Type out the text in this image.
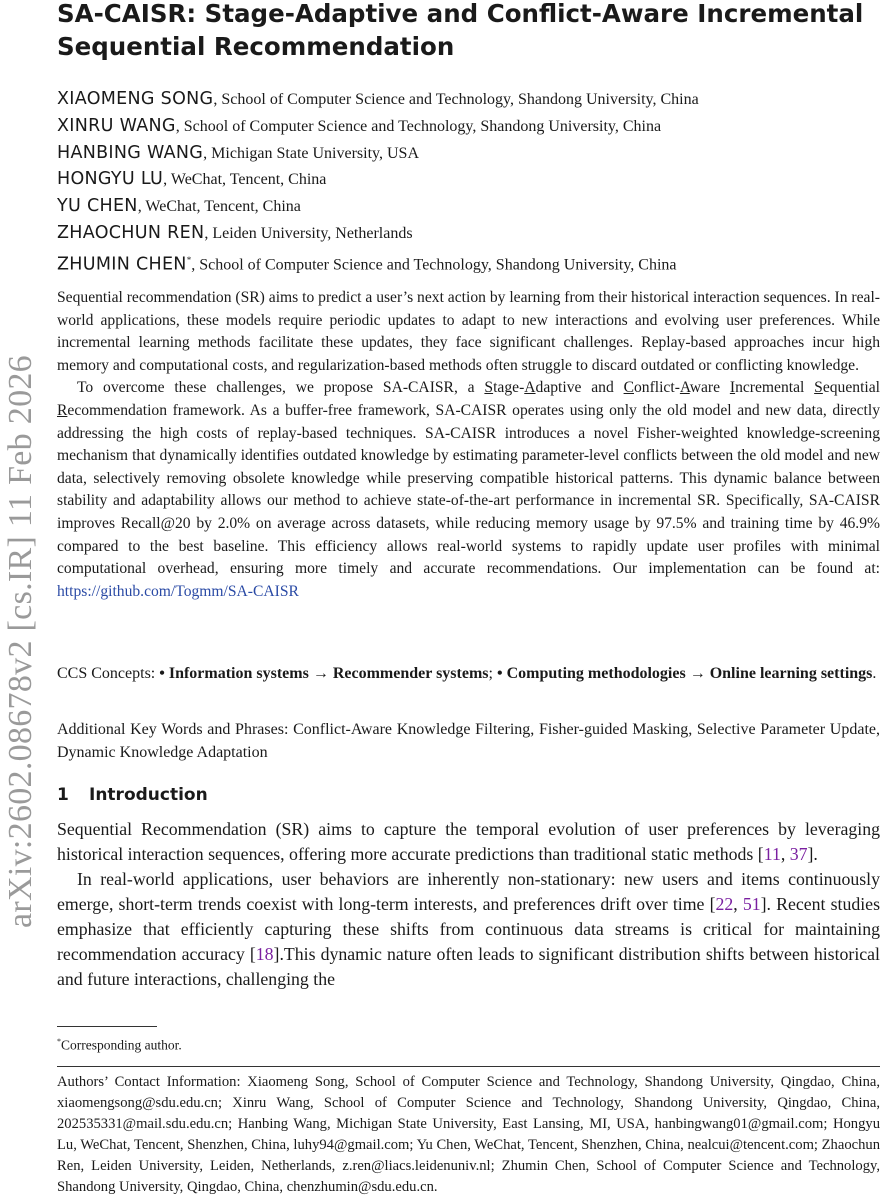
arXiv:2602.08678v2 [cs.IR] 11 Feb 2026
SA-CAISR: Stage-Adaptive and Conflict-Aware Incremental Sequential Recommendation
XIAOMENG SONG, School of Computer Science and Technology, Shandong University, China
XINRU WANG, School of Computer Science and Technology, Shandong University, China
HANBING WANG, Michigan State University, USA
HONGYU LU, WeChat, Tencent, China
YU CHEN, WeChat, Tencent, China
ZHAOCHUN REN, Leiden University, Netherlands
ZHUMIN CHEN*, School of Computer Science and Technology, Shandong University, China

Sequential recommendation (SR) aims to predict a user’s next action by learning from their historical interaction sequences. In real-world applications, these models require periodic updates to adapt to new interactions and evolving user preferences. While incremental learning methods facilitate these updates, they face significant challenges. Replay-based approaches incur high memory and computational costs, and regularization-based methods often struggle to discard outdated or conflicting knowledge.

To overcome these challenges, we propose SA-CAISR, a Stage-Adaptive and Conflict-Aware Incremental Sequential Recommendation framework. As a buffer-free framework, SA-CAISR operates using only the old model and new data, directly addressing the high costs of replay-based techniques. SA-CAISR introduces a novel Fisher-weighted knowledge-screening mechanism that dynamically identifies outdated knowledge by estimating parameter-level conflicts between the old model and new data, selectively removing obsolete knowledge while preserving compatible historical patterns. This dynamic balance between stability and adaptability allows our method to achieve state-of-the-art performance in incremental SR. Specifically, SA-CAISR improves Recall@20 by 2.0% on average across datasets, while reducing memory usage by 97.5% and training time by 46.9% compared to the best baseline. This efficiency allows real-world systems to rapidly update user profiles with minimal computational overhead, ensuring more timely and accurate recommendations. Our implementation can be found at: https://github.com/Togmm/SA-CAISR

CCS Concepts: • Information systems → Recommender systems; • Computing methodologies → Online learning settings.
Additional Key Words and Phrases: Conflict-Aware Knowledge Filtering, Fisher-guided Masking, Selective Parameter Update, Dynamic Knowledge Adaptation
1 Introduction

Sequential Recommendation (SR) aims to capture the temporal evolution of user preferences by leveraging historical interaction sequences, offering more accurate predictions than traditional static methods [11, 37].

In real-world applications, user behaviors are inherently non-stationary: new users and items continuously emerge, short-term trends coexist with long-term interests, and preferences drift over time [22, 51]. Recent studies emphasize that efficiently capturing these shifts from continuous data streams is critical for maintaining recommendation accuracy [18].This dynamic nature often leads to significant distribution shifts between historical and future interactions, challenging the

*Corresponding author.
Authors’ Contact Information: Xiaomeng Song, School of Computer Science and Technology, Shandong University, Qingdao, China, xiaomengsong@sdu.edu.cn; Xinru Wang, School of Computer Science and Technology, Shandong University, Qingdao, China, 202535331@mail.sdu.edu.cn; Hanbing Wang, Michigan State University, East Lansing, MI, USA, hanbingwang01@gmail.com; Hongyu Lu, WeChat, Tencent, Shenzhen, China, luhy94@gmail.com; Yu Chen, WeChat, Tencent, Shenzhen, China, nealcui@tencent.com; Zhaochun Ren, Leiden University, Leiden, Netherlands, z.ren@liacs.leidenuniv.nl; Zhumin Chen, School of Computer Science and Technology, Shandong University, Qingdao, China, chenzhumin@sdu.edu.cn.
